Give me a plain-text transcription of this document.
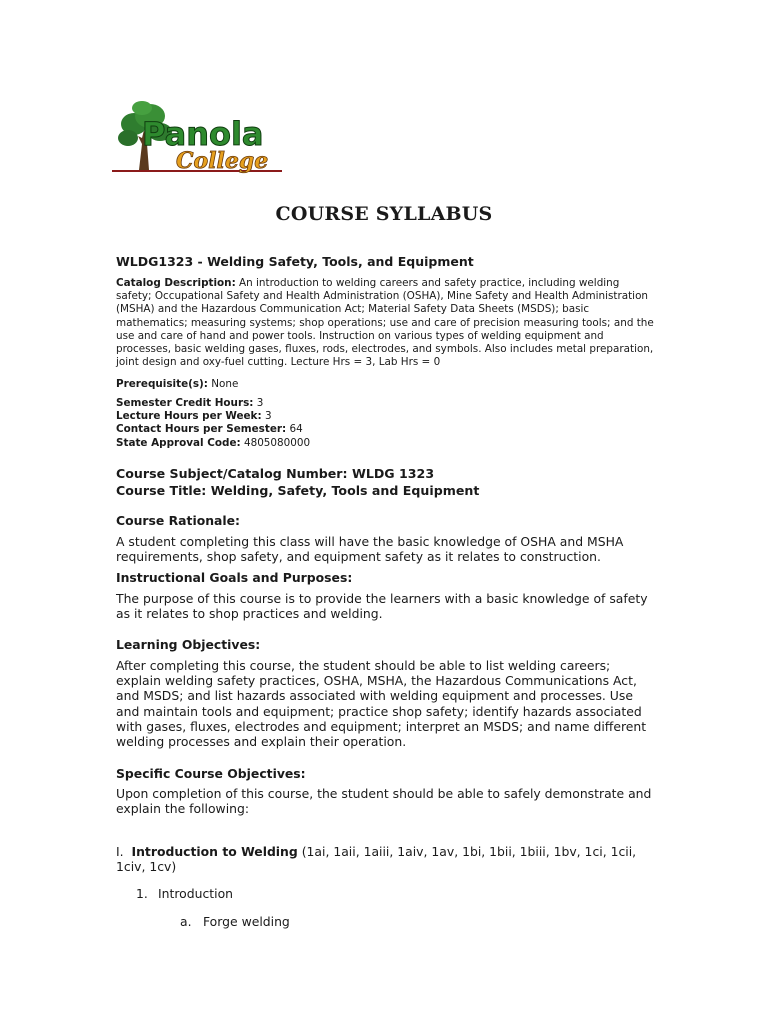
Panola
College
COURSE SYLLABUS
WLDG1323 - Welding Safety, Tools, and Equipment
Catalog Description: An introduction to welding careers and safety practice, including welding safety; Occupational Safety and Health Administration (OSHA), Mine Safety and Health Administration (MSHA) and the Hazardous Communication Act; Material Safety Data Sheets (MSDS); basic mathematics; measuring systems; shop operations; use and care of precision measuring tools; and the use and care of hand and power tools. Instruction on various types of welding equipment and processes, basic welding gases, fluxes, rods, electrodes, and symbols. Also includes metal preparation, joint design and oxy-fuel cutting. Lecture Hrs = 3, Lab Hrs = 0
Prerequisite(s): None
Semester Credit Hours: 3
Lecture Hours per Week: 3
Contact Hours per Semester: 64
State Approval Code: 4805080000
Course Subject/Catalog Number: WLDG 1323
Course Title: Welding, Safety, Tools and Equipment
Course Rationale:
A student completing this class will have the basic knowledge of OSHA and MSHA requirements, shop safety, and equipment safety as it relates to construction.
Instructional Goals and Purposes:
The purpose of this course is to provide the learners with a basic knowledge of safety as it relates to shop practices and welding.
Learning Objectives:
After completing this course, the student should be able to list welding careers; explain welding safety practices, OSHA, MSHA, the Hazardous Communications Act, and MSDS; and list hazards associated with welding equipment and processes. Use and maintain tools and equipment; practice shop safety; identify hazards associated with gases, fluxes, electrodes and equipment; interpret an MSDS; and name different welding processes and explain their operation.
Specific Course Objectives:
Upon completion of this course, the student should be able to safely demonstrate and explain the following:
I. Introduction to Welding (1ai, 1aii, 1aiii, 1aiv, 1av, 1bi, 1bii, 1biii, 1bv, 1ci, 1cii, 1civ, 1cv)
1. Introduction
a. Forge welding
